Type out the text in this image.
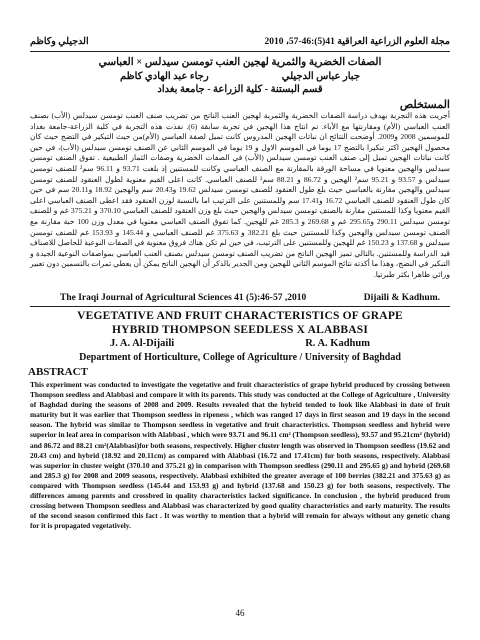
مجلة العلوم الزراعية العراقية 41(5):46-57، 2010
الدجيلي وكاظم
الصفات الخضرية والثمرية لهجين العنب تومسن سيدلس × العباسي
جبار عباس الدجيلي
رجاء عبد الهادي كاظم
قسم البستنة - كلية الزراعة - جامعة بغداد
المستخلص
أجريت هذه التجربة بهدف دراسة الصفات الخضرية والثمرية لهجين العنب الناتج من تضريب صنف العنب تومسن سيدلس (الأب) بصنف العنب العباسي (الأم) ومقارنتها مع الأباء. تم انتاج هذا الهجين في تجربة سابقة (6). نفذت هذه التجربة في كلية الزراعة-جامعة بغداد للموسمين 2008 و2009. أوضحت النتائج ان نباتات الهجين المدروس كانت تميل لصفة العباسي (الأم)من حيث التبكير في التضج حيث كان محصول الهجين اكثر تبكيرا بالتضج 17 يوما في الموسم الاول و 19 يوما في الموسم الثاني عن الصنف تومسن سيدلس (الأب)، في حين كانت نباتات الهجين تميل إلى صنف العنب تومسن سيدلس (الأب) في الصفات الخضرية وصفات الثمار الطبيعية . تفوق الصنف تومسن سيدلس والهجين معنويا في مساحة الورقة بالمقارنة مع الصنف العباسي وكانت للمستنين إذ بلغت 93.71 و 96.11 سم² للصنف تومسن سيدلس و 93.57 و 95.21 سم² الهجين و 86.72 و 88.21 سم² للصنف العباسي. كانت اعلى القيم معنوية لطول العنقود للصنف تومسن سيدلس والهجين مقارنة بالعباسي حيث بلغ طول العنقود للصنف تومسن سيدلس 19.62 و20.43 سم والهجين 18.92 و20.11 سم في حين كان طول العنقود للصنف العباسي 16.72 و17.41 سم وللمستنين على الترتيب اما بالنسبة لوزن العنقود فقد اعطى الصنف العباسي اعلى القيم معنويا وكذا للمستنين مقارنة بالصنف تومسن سيدلس والهجين حيث بلغ وزن العنقود للصنف العباسي 370.10 و 375.21 غم و للصنف تومسن سيدلس 290.11 و295.65 غم و 269.68 و 285.3 غم للهجين. كما تفوق الصنف العباسي معنويا في معدل وزن 100 حبة مقارنة مع الصنف تومسن سيدلس والهجين وكذا للمستنين حيث بلغ 382.21 و 375.63 غم للصنف العباسي و 145.44 و 153.93 غم للصنف تومسن سيدلس و 137.68 و 150.23 غم للهجين وللمستنين على الترتيب، في حين لم تكن هناك فروق معنوية في الصفات النوعية للحاصل للاصناف قيد الدراسة وللمستنين. بالتالي تميز الهجين الناتج من تضريب الصنف تومسن سيدلس بصنف العنب العباسي بمواصفات النوعية الجيدة و التبكير في النضج، وهذا ما أكدته نتائج الموسم الثاني للهجين ومن الجدير بالذكر أن الهجين الناتج يمكن أن يعطي ثمرات بالتسمين دون تعبير وراثي ظاهرا بكثر طبرتيا.
The Iraqi Journal of Agricultural Sciences 41 (5):46-57 ,2010	Dijaili & Kadhum.
VEGETATIVE AND FRUIT CHARACTERISTICS OF GRAPE
HYBRID THOMPSON SEEDLESS X ALABBASI
J. A. Al-Dijaili	R. A. Kadhum
Department of Horticulture, College of Agriculture / University of Baghdad
ABSTRACT
This experiment was conducted to investigate the vegetative and fruit characteristics of grape hybrid produced by crossing between Thompson seedless and Alabbasi and compare it with its parents. This study was conducted at the College of Agriculture , University of Baghdad during the seasons of 2008 and 2009. Results revealed that the hybrid tended to look like Alabbasi in date of fruit maturity but it was earlier that Thompson seedless in ripeness , which was ranged 17 days in first season and 19 days in the second season. The hybrid was similar to Thompson seedless in vegetative and fruit characteristics. Thompson seedless and hybrid were superior in leaf area in comparison with Alabbasi , which were 93.71 and 96.11 cm² (Thompson seedless), 93.57 and 95.21cm² (hybrid) and 86.72 and 88.21 cm²(Alabbasi)for both seasons, respectively. Higher cluster length was observed in Thompson seedless (19.62 and 20.43 cm) and hybrid (18.92 and 20.11cm) as compared with Alabbasi (16.72 and 17.41cm) for both seasons, respectively. Alabbasi was superior in cluster weight (370.10 and 375.21 g) in comparison with Thompson seedless (290.11 and 295.65 g) and hybrid (269.68 and 285.3 g) for 2008 and 2009 seasons, respectively. Alabbasi exhibited the greater average of 100 berries (382.21 and 375.63 g) as compared with Thompson seedless (145.44 and 153.93 g) and hybrid (137.68 and 150.23 g) for both seasons, respectively. The differences among parents and crossbred in quality characteristics lacked significance. In conclusion , the hybrid produced from crossing between Thompson seedless and Alabbasi was characterized by good quality characteristics and early maturity. The results of the second season confirmed this fact . It was worthy to mention that a hybrid will remain for always without any genetic chang for it is propagated vegetatively.
46
